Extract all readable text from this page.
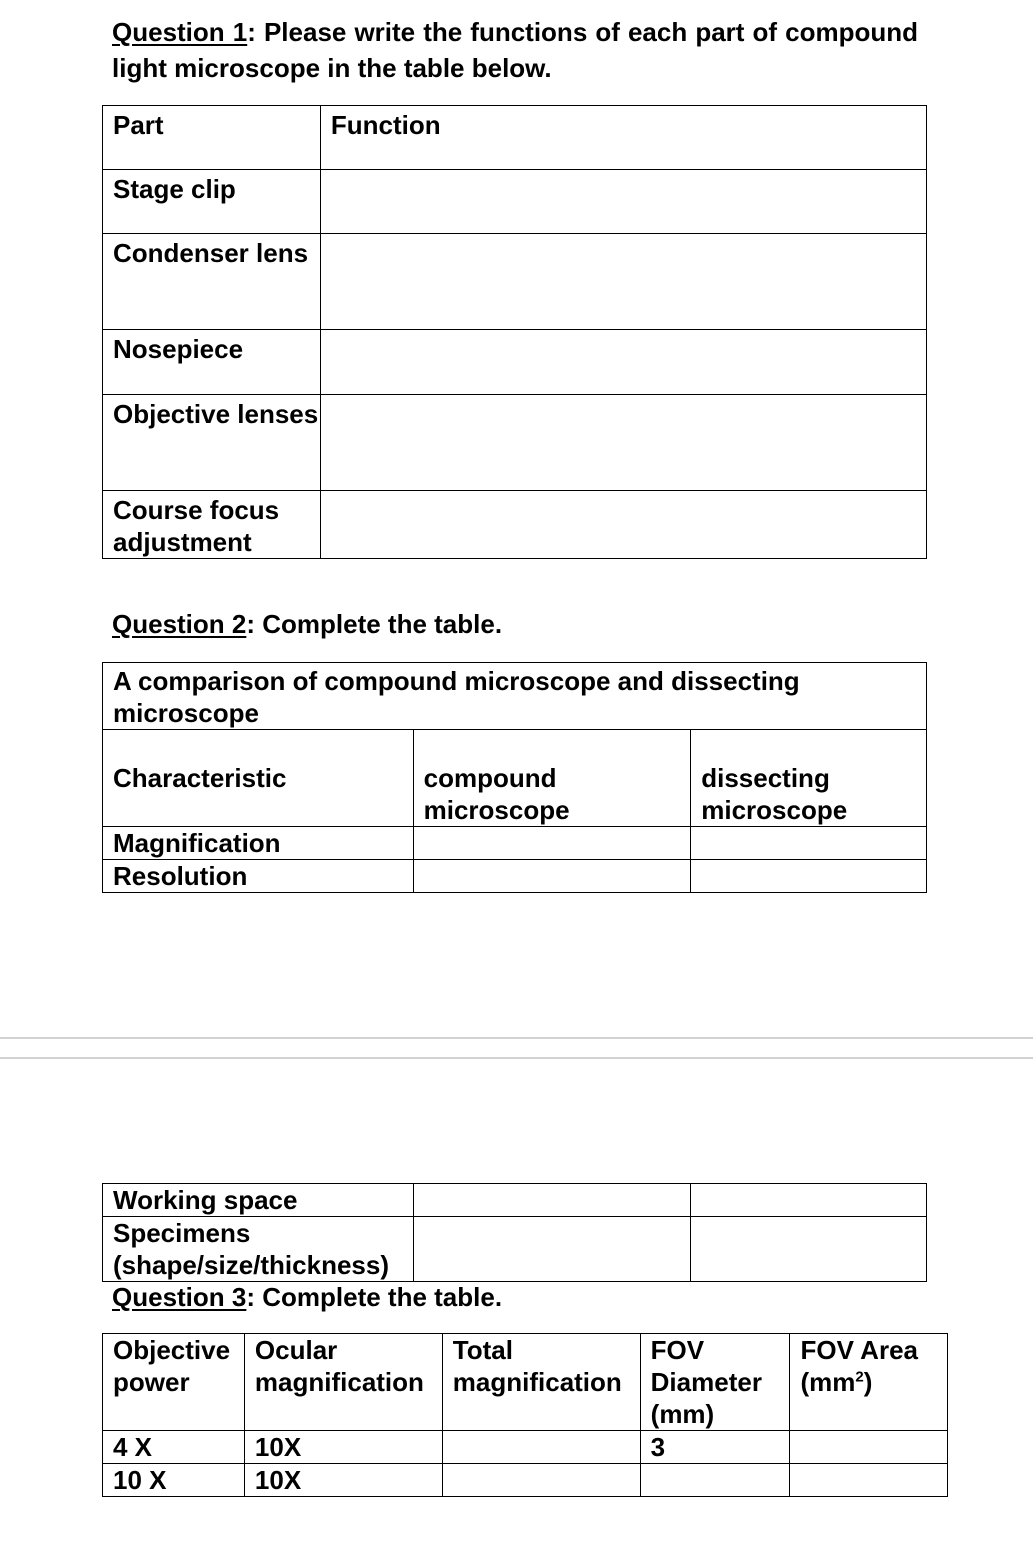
Question 1: Please write the functions of each part of compound light microscope in the table below.
Part	Function
Stage clip	
Condenser lens	
Nosepiece	
Objective lenses	
Course focus adjustment	
Question 2: Complete the table.
A comparison of compound microscope and dissecting microscope		
Characteristic	compound microscope	dissecting microscope
Magnification		
Resolution		
Working space		
Specimens (shape/size/thickness)		
Question 3: Complete the table.
Objective power	Ocular magnification	Total magnification	FOV Diameter (mm)	FOV Area $(mm^2)$
4 X	10X		3	
10 X	10X			
